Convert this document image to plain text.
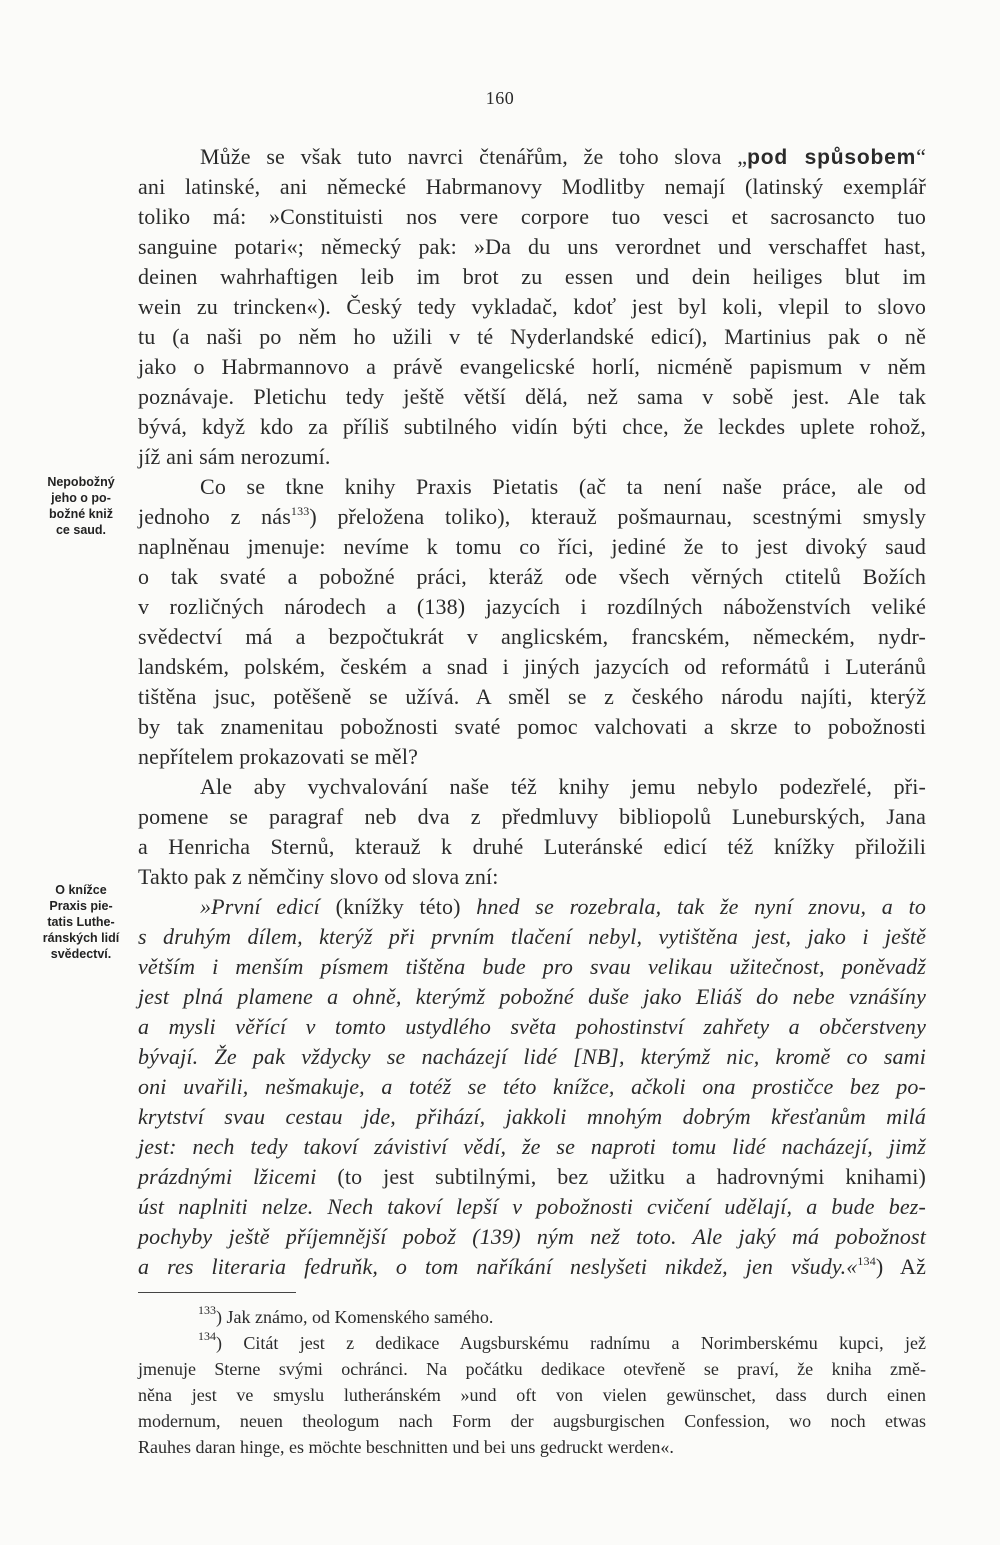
160
Může se však tuto navrci čtenářům, že toho slova „pod spůsobem“
ani latinské, ani německé Habrmanovy Modlitby nemají (latinský exemplář
toliko má: »Constituisti nos vere corpore tuo vesci et sacrosancto tuo
sanguine potari«; německý pak: »Da du uns verordnet und verschaffet hast,
deinen wahrhaftigen leib im brot zu essen und dein heiliges blut im
wein zu trincken«). Český tedy vykladač, kdoť jest byl koli, vlepil to slovo
tu (a naši po něm ho užili v té Nyderlandské edicí), Martinius pak o ně
jako o Habrmannovo a právě evangelicské horlí, nicméně papismum v něm
poznávaje. Pletichu tedy ještě větší dělá, než sama v sobě jest. Ale tak
bývá, když kdo za příliš subtilného vidín býti chce, že leckdes uplete rohož,
jíž ani sám nerozumí.
Co se tkne knihy Praxis Pietatis (ač ta není naše práce, ale od
jednoho z nás$^{133}$) přeložena toliko), kterauž pošmaurnau, scestnými smysly
naplněnau jmenuje: nevíme k tomu co říci, jediné že to jest divoký saud
o tak svaté a pobožné práci, kteráž ode všech věrných ctitelů Božích
v rozličných národech a (138) jazycích i rozdílných náboženstvích veliké
svědectví má a bezpočtukrát v anglicském, francském, německém, nydr-
landském, polském, českém a snad i jiných jazycích od reformátů i Luteránů
tištěna jsuc, potěšeně se užívá. A směl se z českého národu najíti, kterýž
by tak znamenitau pobožnosti svaté pomoc valchovati a skrze to pobožnosti
nepřítelem prokazovati se měl?
Ale aby vychvalování naše též knihy jemu nebylo podezřelé, při-
pomene se paragraf neb dva z předmluvy bibliopolů Luneburských, Jana
a Henricha Sternů, kterauž k druhé Luteránské edicí též knížky přiložili
Takto pak z němčiny slovo od slova zní:
»První edicí (knížky této) hned se rozebrala, tak že nyní znovu, a to
s druhým dílem, kterýž při prvním tlačení nebyl, vytištěna jest, jako i ještě
větším i menším písmem tištěna bude pro svau velikau užitečnost, poněvadž
jest plná plamene a ohně, kterýmž pobožné duše jako Eliáš do nebe vznášíny
a mysli věřící v tomto ustydlého světa pohostinství zahřety a občerstveny
bývají. Že pak vždycky se nacházejí lidé [NB], kterýmž nic, kromě co sami
oni uvařili, nešmakuje, a totéž se této knížce, ačkoli ona prostičce bez po-
krytství svau cestau jde, přihází, jakkoli mnohým dobrým křesťanům milá
jest: nech tedy takoví závistiví vědí, že se naproti tomu lidé nacházejí, jimž
prázdnými lžicemi (to jest subtilnými, bez užitku a hadrovnými knihami)
úst naplniti nelze. Nech takoví lepší v pobožnosti cvičení udělají, a bude bez-
pochyby ještě příjemnější pobož (139) ným než toto. Ale jaký má pobožnost
a res literaria fedruňk, o tom naříkání neslyšeti nikdež, jen všudy.«$^{134}$) Až
Nepobožný
jeho o po-
božné kniž
ce saud.
O knížce
Praxis pie-
tatis Luthe-
ránských lidí
svědectví.
$^{133}$) Jak známo, od Komenského samého.
$^{134}$) Citát jest z dedikace Augsburskému radnímu a Norimberskému kupci, jež
jmenuje Sterne svými ochránci. Na počátku dedikace otevřeně se praví, že kniha změ-
něna jest ve smyslu lutheránském »und oft von vielen gewünschet, dass durch einen
modernum, neuen theologum nach Form der augsburgischen Confession, wo noch etwas
Rauhes daran hinge, es möchte beschnitten und bei uns gedruckt werden«.
